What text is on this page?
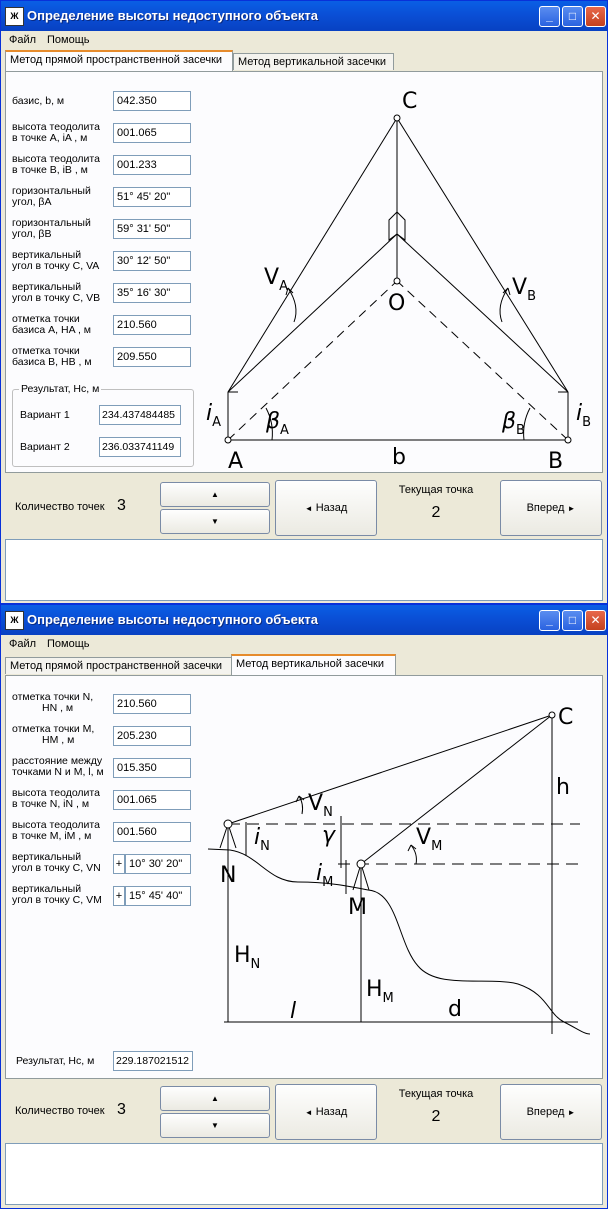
Ж Определение высоты недоступного объекта	_	□	✕
Файл Помощь
Метод прямой пространственной засечки	Метод вертикальной засечки
базис, b, м	042.350
высота теодолита
в точке A, iA , м	001.065
высота теодолита
в точке B, iB , м	001.233
горизонтальный
угол, βA	51° 45' 20"
горизонтальный
угол, βB	59° 31' 50"
вертикальный
угол в точку C, VA	30° 12' 50"
вертикальный
угол в точку C, VB	35° 16' 30"
отметка точки
базиса A, HA , м	210.560
отметка точки
базиса B, HB , м	209.550
Результат, Hc, м
Вариант 1	234.437484485
Вариант 2	236.033741149
C
O
A	B
b
$V_A$	$V_B$
$i_A$	$i_B$
$\beta_A$	$\beta_B$
Количество точек 3
▲
▼
◄ Назад
Текущая точка
2	Вперед ►
Ж Определение высоты недоступного объекта	_	□	✕
Файл Помощь
Метод прямой пространственной засечки	Метод вертикальной засечки
отметка точки N,
HN , м	210.560
отметка точки M,
HM , м	205.230
расстояние между
точками N и M, l, м	015.350
высота теодолита
в точке N, iN , м	001.065
высота теодолита
в точке M, iM , м	001.560
вертикальный
угол в точку C, VN + 10° 30' 20"
вертикальный
угол в точку C, VM + 15° 45' 40"
Результат, Hc, м 229.187021512
C
h
N
M
d
l
γ
$V_N$
$V_M$
$i_N$
$i_M$
$H_N$
$H_M$
Количество точек 3
▲
▼
◄ Назад
Текущая точка
2	Вперед ►
